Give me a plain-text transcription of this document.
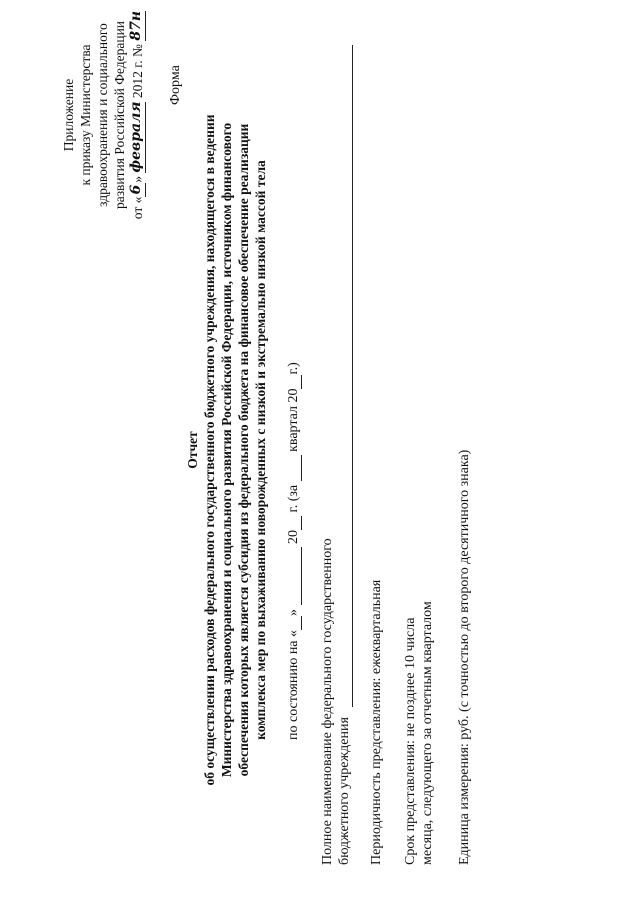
Приложение к приказу Министерства здравоохранения и социального развития Российской Федерации от «6» февраля 2012 г. № 87н
Форма
Отчет об осуществлении расходов федерального государственного бюджетного учреждения, находящегося в ведении Министерства здравоохранения и социального развития Российской Федерации, источником финансового обеспечения которых является субсидия из федерального бюджета на финансовое обеспечение реализации комплекса мер по выхаживанию новорожденных с низкой и экстремально низкой массой тела по состоянию на «»  20 г. (за  квартал 20г.)
Полное наименование федерального государственного бюджетного учреждения Периодичность представления: ежеквартальная Срок представления: не позднее 10 числа месяца, следующего за отчетным кварталом Единица измерения: руб. (с точностью до второго десятичного знака)
